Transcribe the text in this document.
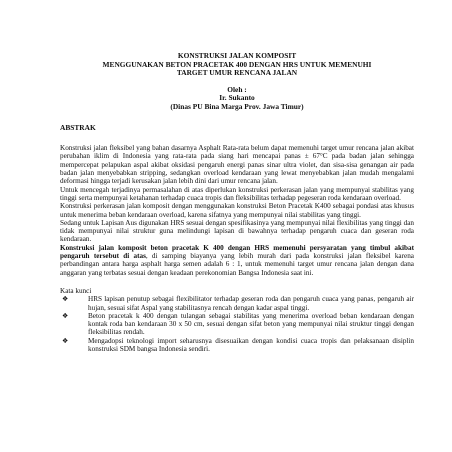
KONSTRUKSI JALAN KOMPOSIT
MENGGUNAKAN BETON PRACETAK 400 DENGAN HRS UNTUK MEMENUHI
TARGET UMUR RENCANA JALAN
Oleh :
Ir. Sukanto
(Dinas PU Bina Marga Prov. Jawa Timur)
ABSTRAK

Konstruksi jalan fleksibel yang bahan dasarnya Asphalt Rata-rata belum dapat memenuhi target umur rencana jalan akibat perubahan iklim di Indonesia yang rata-rata pada siang hari mencapai panas ± 67°C pada badan jalan sehingga mempercepat pelapukan aspal akibat oksidasi pengaruh energi panas sinar ultra violet, dan sisa-sisa genangan air pada badan jalan menyebabkan stripping, sedangkan overload kendaraan yang lewat menyebabkan jalan mudah mengalami deformasi hingga terjadi kerusakan jalan lebih dini dari umur rencana jalan.

Untuk mencegah terjadinya permasalahan di atas diperlukan konstruksi perkerasan jalan yang mempunyai stabilitas yang tinggi serta mempunyai ketahanan terhadap cuaca tropis dan fleksibilitas terhadap pegeseran roda kendaraan overload.

Konstruksi perkerasan jalan komposit dengan menggunakan konstruksi Beton Pracetak K400 sebagai pondasi atas khusus untuk menerima beban kendaraan overload, karena sifatnya yang mempunyai nilai stabilitas yang tinggi.

Sedang untuk Lapisan Aus digunakan HRS sesuai dengan spesifikasinya yang mempunyai nilai flexibilitas yang tinggi dan tidak mempunyai nilai struktur guna melindungi lapisan di bawahnya terhadap pengaruh cuaca dan geseran roda kendaraan.

Konstruksi jalan komposit beton pracetak K 400 dengan HRS memenuhi persyaratan yang timbul akibat pengaruh tersebut di atas, di samping biayanya yang lebih murah dari pada konstruksi jalan fleksibel karena perbandingan antara harga asphalt harga semen adalah 6 : 1, untuk memenuhi target umur rencana jalan dengan dana anggaran yang terbatas sesuai dengan keadaan perekonomian Bangsa Indonesia saat ini.

Kata kunci
❖	HRS lapisan penutup sebagai flexibilitator terhadap geseran roda dan pengaruh cuaca yang panas, pengaruh air hujan, sesuai sifat Aspal yang stabilitasnya rencah dengan kadar aspal tinggi.
❖	Beton pracetak k 400 dengan tulangan sebagai stabilitas yang menerima overload beban kendaraan dengan kontak roda ban kendaraan 30 x 50 cm, sesuai dengan sifat beton yang mempunyai nilai struktur tinggi dengan fleksibilitas rendah.
❖	Mengadopsi teknologi import seharusnya disesuaikan dengan kondisi cuaca tropis dan pelaksanaan disiplin konstruksi SDM bangsa Indonesia sendiri.
